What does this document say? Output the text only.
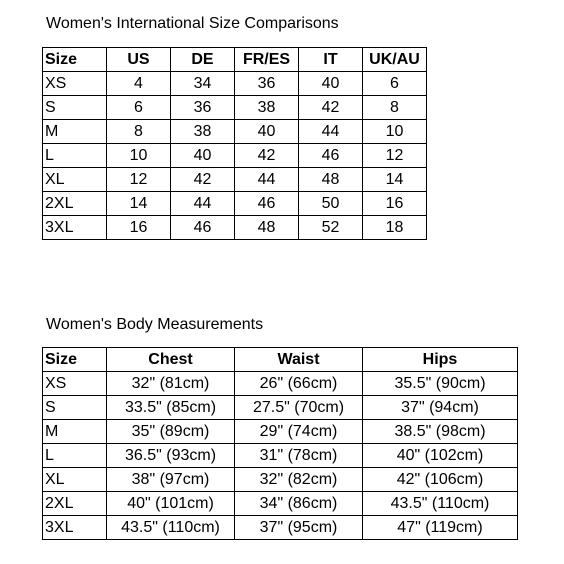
Women's International Size Comparisons
Size	US	DE	FR/ES	IT	UK/AU
XS	4	34	36	40	6
S	6	36	38	42	8
M	8	38	40	44	10
L	10	40	42	46	12
XL	12	42	44	48	14
2XL	14	44	46	50	16
3XL	16	46	48	52	18
Women's Body Measurements
Size	Chest	Waist	Hips
XS	32" (81cm)	26" (66cm)	35.5" (90cm)
S	33.5" (85cm)	27.5" (70cm)	37" (94cm)
M	35" (89cm)	29" (74cm)	38.5" (98cm)
L	36.5" (93cm)	31" (78cm)	40" (102cm)
XL	38" (97cm)	32" (82cm)	42" (106cm)
2XL	40" (101cm)	34" (86cm)	43.5" (110cm)
3XL	43.5" (110cm)	37" (95cm)	47" (119cm)
